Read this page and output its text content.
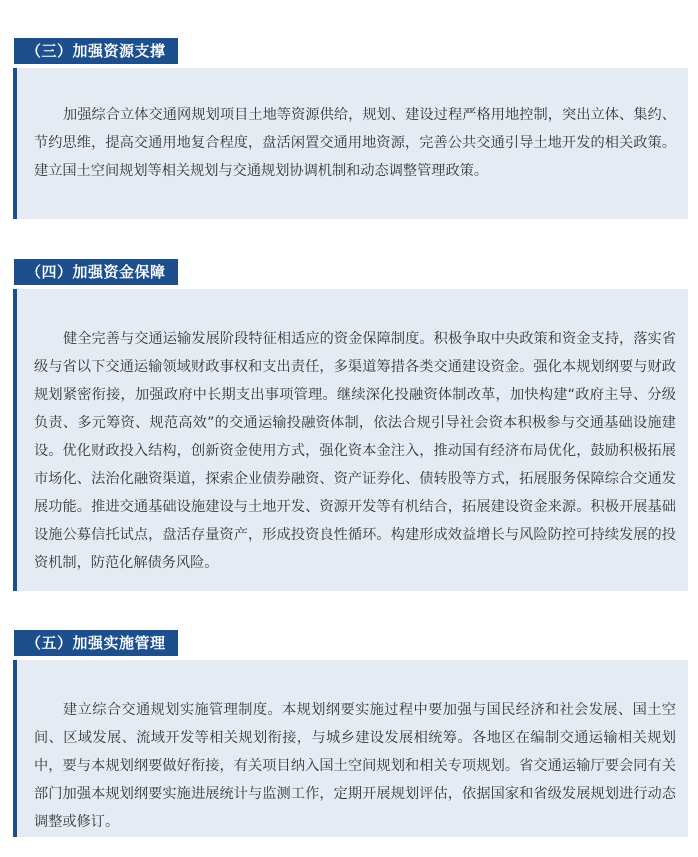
（三）加强资源支撑

加强综合立体交通网规划项目土地等资源供给，规划、建设过程严格用地控制，突出立体、集约、节约思维，提高交通用地复合程度，盘活闲置交通用地资源，完善公共交通引导土地开发的相关政策。建立国土空间规划等相关规划与交通规划协调机制和动态调整管理政策。

（四）加强资金保障

健全完善与交通运输发展阶段特征相适应的资金保障制度。积极争取中央政策和资金支持，落实省级与省以下交通运输领域财政事权和支出责任，多渠道筹措各类交通建设资金。强化本规划纲要与财政规划紧密衔接，加强政府中长期支出事项管理。继续深化投融资体制改革，加快构建“政府主导、分级负责、多元筹资、规范高效”的交通运输投融资体制，依法合规引导社会资本积极参与交通基础设施建设。优化财政投入结构，创新资金使用方式，强化资本金注入，推动国有经济布局优化，鼓励积极拓展市场化、法治化融资渠道，探索企业债券融资、资产证券化、债转股等方式，拓展服务保障综合交通发展功能。推进交通基础设施建设与土地开发、资源开发等有机结合，拓展建设资金来源。积极开展基础设施公募信托试点，盘活存量资产，形成投资良性循环。构建形成效益增长与风险防控可持续发展的投资机制，防范化解债务风险。

（五）加强实施管理

建立综合交通规划实施管理制度。本规划纲要实施过程中要加强与国民经济和社会发展、国土空间、区域发展、流域开发等相关规划衔接，与城乡建设发展相统筹。各地区在编制交通运输相关规划中，要与本规划纲要做好衔接，有关项目纳入国土空间规划和相关专项规划。省交通运输厅要会同有关部门加强本规划纲要实施进展统计与监测工作，定期开展规划评估，依据国家和省级发展规划进行动态调整或修订。
